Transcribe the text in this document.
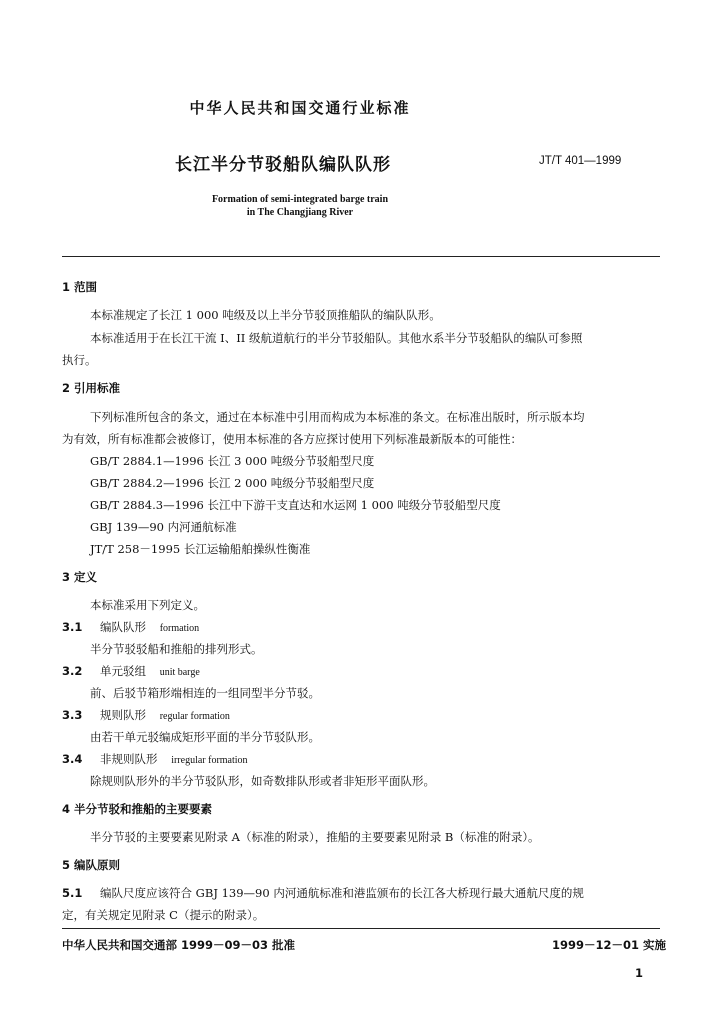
中华人民共和国交通行业标准
长江半分节驳船队编队队形	JT/T 401—1999
Formation of semi-integrated barge train
in The Changjiang River
1 范围
本标准规定了长江 1 000 吨级及以上半分节驳顶推船队的编队队形。
本标准适用于在长江干流 I、II 级航道航行的半分节驳船队。其他水系半分节驳船队的编队可参照
执行。
2 引用标准
下列标准所包含的条文，通过在本标准中引用而构成为本标准的条文。在标准出版时，所示版本均
为有效，所有标准都会被修订，使用本标准的各方应探讨使用下列标准最新版本的可能性：
GB/T 2884.1—1996 长江 3 000 吨级分节驳船型尺度
GB/T 2884.2—1996 长江 2 000 吨级分节驳船型尺度
GB/T 2884.3—1996 长江中下游干支直达和水运网 1 000 吨级分节驳船型尺度
GBJ 139—90 内河通航标准
JT/T 258－1995 长江运输船舶操纵性衡准
3 定义
本标准采用下列定义。
3.1 编队队形 formation
半分节驳驳船和推船的排列形式。
3.2 单元驳组 unit barge
前、后驳节箱形端相连的一组同型半分节驳。
3.3 规则队形 regular formation
由若干单元驳编成矩形平面的半分节驳队形。
3.4 非规则队形 irregular formation
除规则队形外的半分节驳队形，如奇数排队形或者非矩形平面队形。
4 半分节驳和推船的主要要素
半分节驳的主要要素见附录 A（标准的附录），推船的主要要素见附录 B（标准的附录）。
5 编队原则
5.1 编队尺度应该符合 GBJ 139—90 内河通航标准和港监颁布的长江各大桥现行最大通航尺度的规
定，有关规定见附录 C（提示的附录）。
中华人民共和国交通部 1999－09－03 批准	1999－12－01 实施
1
